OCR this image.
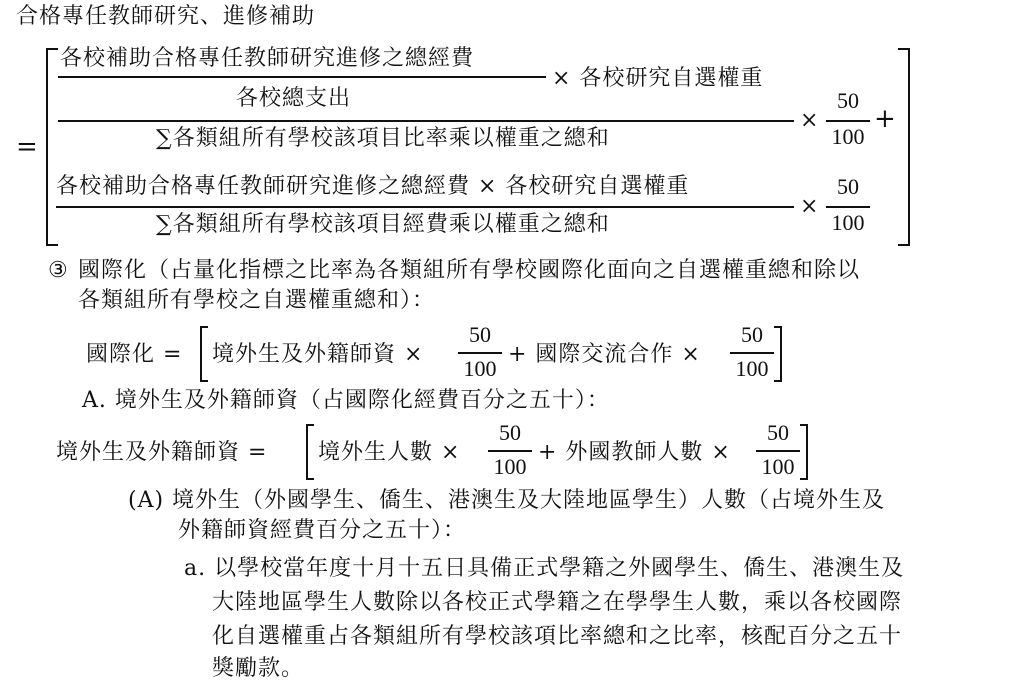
合格專任教師研究、進修補助
=
各校補助合格專任教師研究進修之總經費
× 各校研究自選權重
各校總支出
∑各類組所有學校該項目比率乘以權重之總和
×
50
100
+
各校補助合格專任教師研究進修之總經費 × 各校研究自選權重
∑各類組所有學校該項目經費乘以權重之總和
×
50
100
③ 國際化（占量化指標之比率為各類組所有學校國際化面向之自選權重總和除以
各類組所有學校之自選權重總和）：
國際化 = 境外生及外籍師資 ×
50
100
+ 國際交流合作 ×
50
100
A. 境外生及外籍師資（占國際化經費百分之五十）：
境外生及外籍師資 = 境外生人數 ×
50
100
+ 外國教師人數 ×
50
100
(A) 境外生（外國學生、僑生、港澳生及大陸地區學生）人數（占境外生及
外籍師資經費百分之五十）：
a. 以學校當年度十月十五日具備正式學籍之外國學生、僑生、港澳生及
大陸地區學生人數除以各校正式學籍之在學學生人數，乘以各校國際
化自選權重占各類組所有學校該項比率總和之比率，核配百分之五十
獎勵款。
